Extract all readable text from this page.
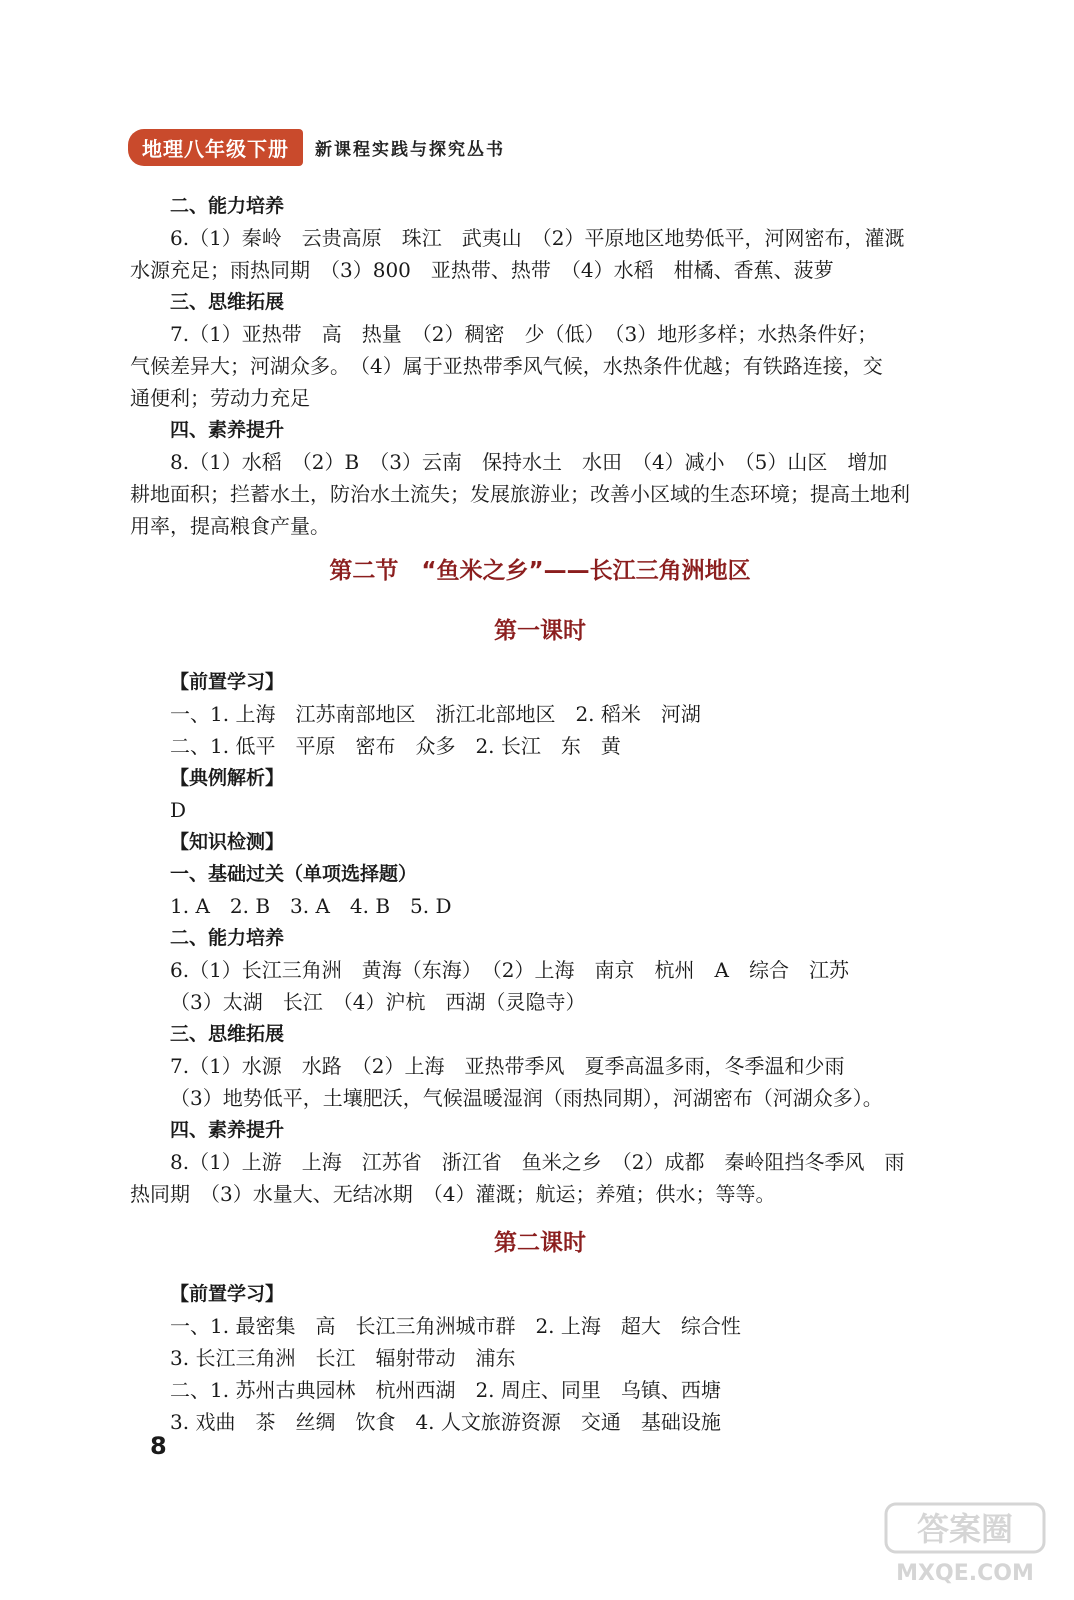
地理八年级下册	新课程实践与探究丛书

二、能力培养

6.（1）秦岭　云贵高原　珠江　武夷山　（2）平原地区地势低平，河网密布，灌溉

水源充足；雨热同期　（3）800　亚热带、热带　（4）水稻　柑橘、香蕉、菠萝

三、思维拓展

7.（1）亚热带　高　热量　（2）稠密　少（低）　（3）地形多样；水热条件好；

气候差异大；河湖众多。　（4）属于亚热带季风气候，水热条件优越；有铁路连接，交

通便利；劳动力充足

四、素养提升

8.（1）水稻　（2）B　（3）云南　保持水土　水田　（4）减小　（5）山区　增加

耕地面积；拦蓄水土，防治水土流失；发展旅游业；改善小区域的生态环境；提高土地利

用率，提高粮食产量。

第二节　“鱼米之乡”——长江三角洲地区

第一课时

【前置学习】

一、1. 上海　江苏南部地区　浙江北部地区　2. 稻米　河湖

二、1. 低平　平原　密布　众多　2. 长江　东　黄

【典例解析】

D

【知识检测】

一、基础过关（单项选择题）

1. A　2. B　3. A　4. B　5. D

二、能力培养

6.（1）长江三角洲　黄海（东海）　（2）上海　南京　杭州　A　综合　江苏

（3）太湖　长江　（4）沪杭　西湖（灵隐寺）

三、思维拓展

7.（1）水源　水路　（2）上海　亚热带季风　夏季高温多雨，冬季温和少雨

（3）地势低平，土壤肥沃，气候温暖湿润（雨热同期），河湖密布（河湖众多）。

四、素养提升

8.（1）上游　上海　江苏省　浙江省　鱼米之乡　（2）成都　秦岭阻挡冬季风　雨

热同期　（3）水量大、无结冰期　（4）灌溉；航运；养殖；供水；等等。

第二课时

【前置学习】

一、1. 最密集　高　长江三角洲城市群　2. 上海　超大　综合性

3. 长江三角洲　长江　辐射带动　浦东

二、1. 苏州古典园林　杭州西湖　2. 周庄、同里　乌镇、西塘

3. 戏曲　茶　丝绸　饮食　4. 人文旅游资源　交通　基础设施

8
答案圈
MXQE.COM
